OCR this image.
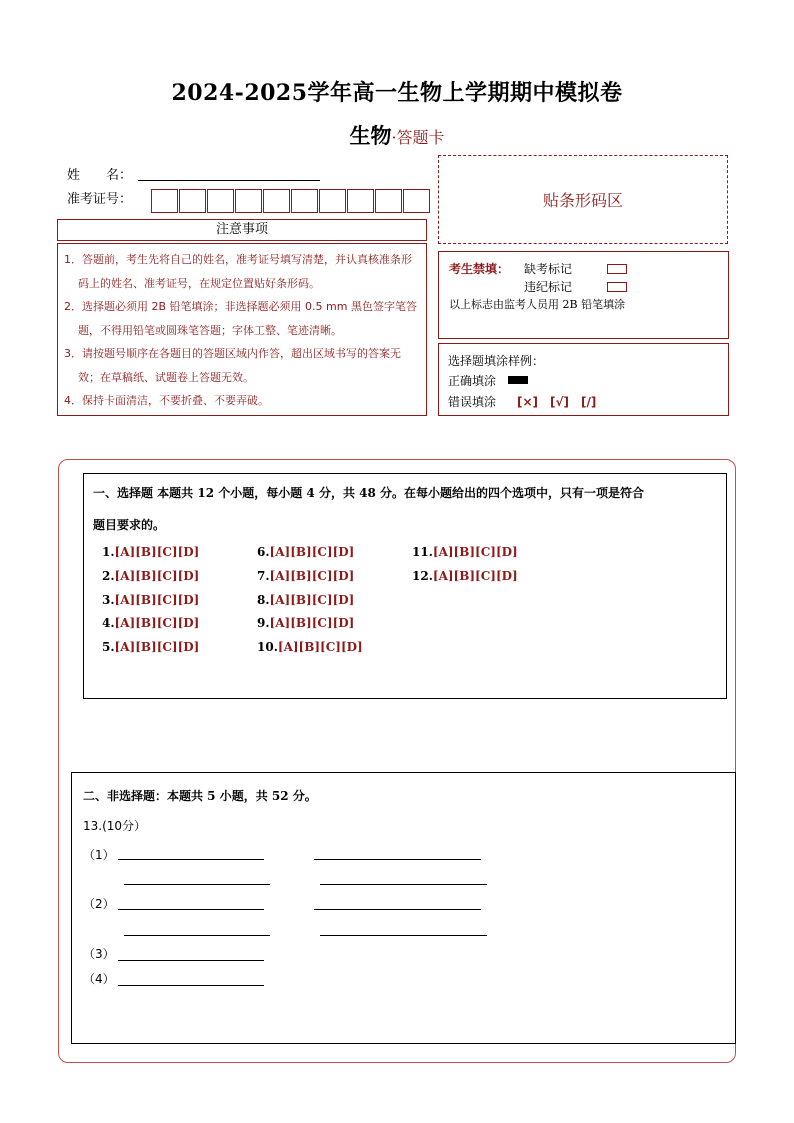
2024-2025学年高一生物上学期期中模拟卷
生物·答题卡
姓　　名：
准考证号：	贴条形码区
注意事项

1．答题前，考生先将自己的姓名，准考证号填写清楚，并认真核准条形码上的姓名、准考证号，在规定位置贴好条形码。

2．选择题必须用 2B 铅笔填涂；非选择题必须用 0.5 mm 黑色签字笔答题，不得用铅笔或圆珠笔答题；字体工整、笔迹清晰。

3．请按题号顺序在各题目的答题区域内作答，超出区域书写的答案无效；在草稿纸、试题卷上答题无效。

4．保持卡面清洁，不要折叠、不要弄破。

考生禁填： 缺考标记
违纪标记
以上标志由监考人员用 2B 铅笔填涂
选择题填涂样例：
正确填涂
错误填涂 [×]　[√]　[/]
一、选择题 本题共 12 个小题，每小题 4 分，共 48 分。在每小题给出的四个选项中，只有一项是符合
题目要求的。
1.[A][B][C][D]
2.[A][B][C][D]
3.[A][B][C][D]
4.[A][B][C][D]
5.[A][B][C][D]
6.[A][B][C][D]
7.[A][B][C][D]
8.[A][B][C][D]
9.[A][B][C][D]
10.[A][B][C][D]
11.[A][B][C][D]
12.[A][B][C][D]
二、非选择题：本题共 5 小题，共 52 分。
13.(10分）
（1）
（2）
（3）
（4）
